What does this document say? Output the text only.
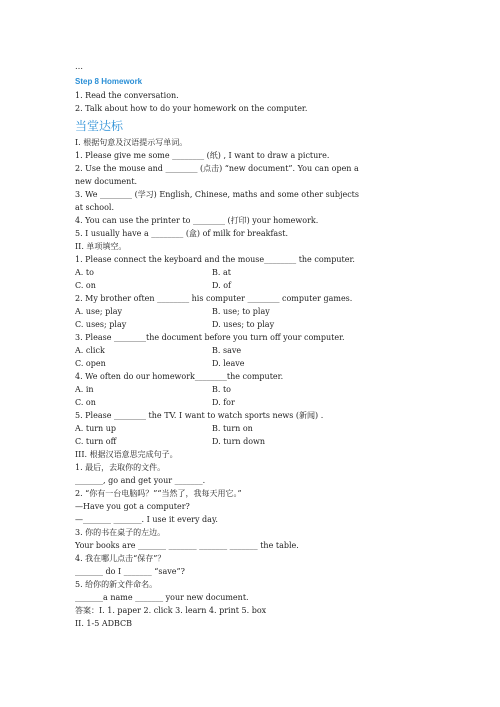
…
Step 8 Homework
1. Read the conversation.
2. Talk about how to do your homework on the computer.
当堂达标
I. 根据句意及汉语提示写单词。
1. Please give me some ________ (纸) , I want to draw a picture.
2. Use the mouse and ________ (点击) “new document”. You can open a new document.
3. We ________ (学习) English, Chinese, maths and some other subjects at school.
4. You can use the printer to ________ (打印) your homework.
5. I usually have a ________ (盒) of milk for breakfast.
II. 单项填空。
1. Please connect the keyboard and the mouse________ the computer.
A. to	B. at
C. on	D. of
2. My brother often ________ his computer ________ computer games.
A. use; play	B. use; to play
C. uses; play	D. uses; to play
3. Please ________the document before you turn off your computer.
A. click	B. save
C. open	D. leave
4. We often do our homework________the computer.
A. in	B. to
C. on	D. for
5. Please ________ the TV. I want to watch sports news (新闻) .
A. turn up	B. turn on
C. turn off	D. turn down
III. 根据汉语意思完成句子。
1. 最后，去取你的文件。
_______, go and get your _______.
2. “你有一台电脑吗？”“当然了，我每天用它。”
—Have you got a computer?
—_______ _______. I use it every day.
3. 你的书在桌子的左边。
Your books are _______ _______ _______ _______ the table.
4. 我在哪儿点击“保存”？
_______ do I _______ “save”?
5. 给你的新文件命名。
_______a name _______ your new document.
答案：I. 1. paper 2. click 3. learn 4. print 5. box
II. 1-5 ADBCB
